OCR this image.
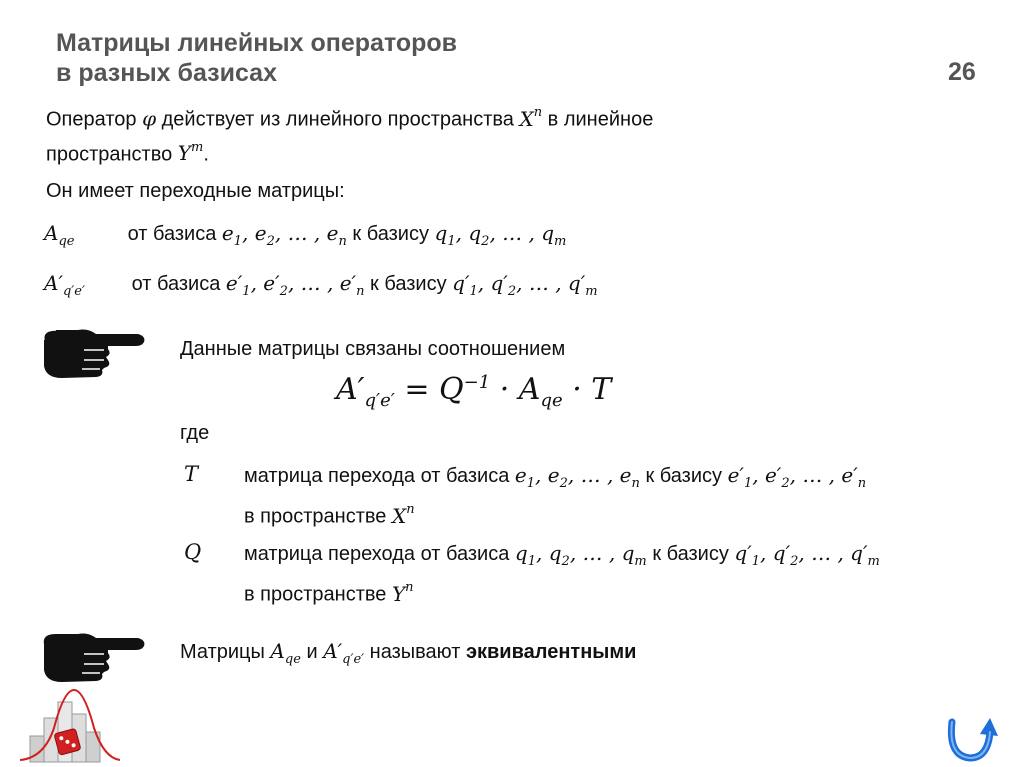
Матрицы линейных операторов
в разных базисах	26
Оператор φ действует из линейного пространства $X^n$ в линейное
пространство $Y^m$.
Он имеет переходные матрицы:
$A_{qe}$	от базиса $e_1$, $e_2$, … , $e_n$ к базису $q_1$, $q_2$, … , $q_m$
$A'_{q'e'}$ от базиса $e'_1$, $e'_2$, … , $e'_n$ к базису $q'_1$, $q'_2$, … , $q'_m$
Данные матрицы связаны соотношением
$A'_{q'e'} = Q^{-1} \cdot A_{qe} \cdot T$
где
T матрица перехода от базиса $e_1$, $e_2$, … , $e_n$ к базису $e'_1$, $e'_2$, … , $e'_n$
в пространстве $X^n$
Q матрица перехода от базиса $q_1$, $q_2$, … , $q_m$ к базису $q'_1$, $q'_2$, … , $q'_m$
в пространстве $Y^n$
Матрицы $A_{qe}$ и $A'_{q'e'}$ называют эквивалентными
